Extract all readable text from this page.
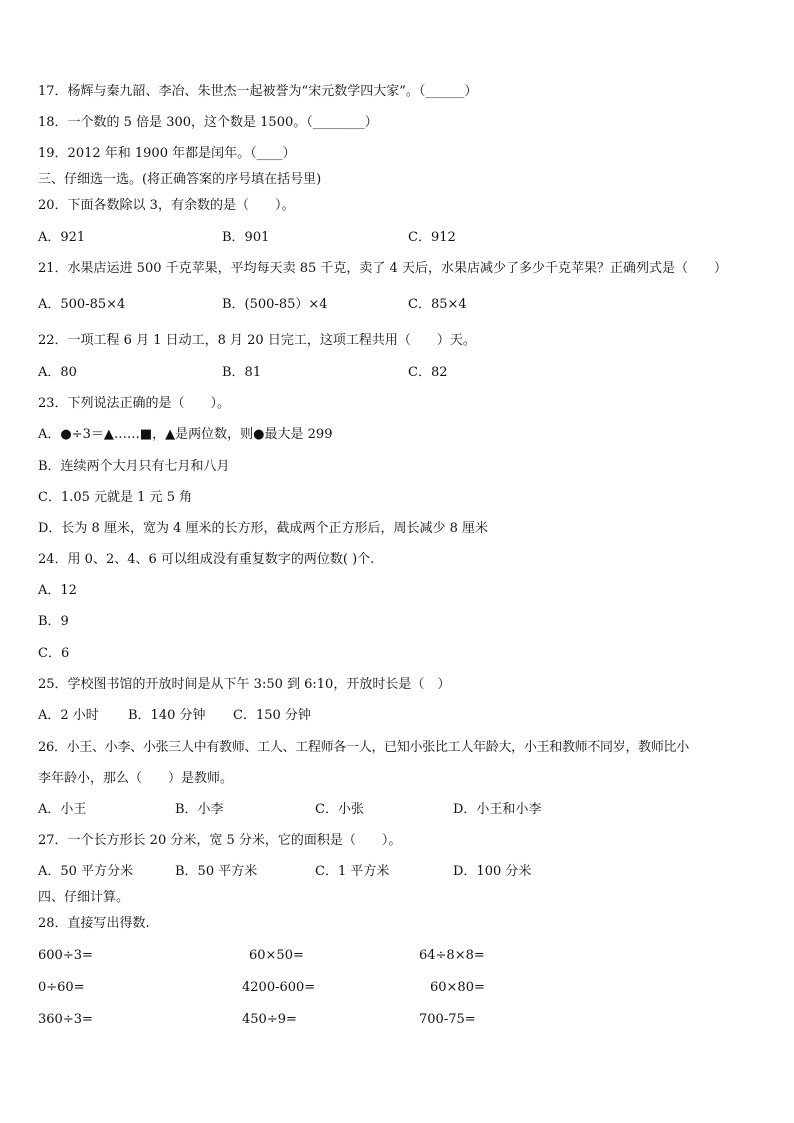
17．杨辉与秦九韶、李冶、朱世杰一起被誉为“宋元数学四大家”。（______）
18．一个数的 5 倍是 300，这个数是 1500。（________）
19．2012 年和 1900 年都是闰年。（____）
三、仔细选一选。(将正确答案的序号填在括号里)
20．下面各数除以 3，有余数的是（　　）。
A．921	B．901	C．912
21．水果店运进 500 千克苹果，平均每天卖 85 千克，卖了 4 天后，水果店减少了多少千克苹果？正确列式是（　　）
A．500-85×4	B．(500-85）×4	C．85×4
22．一项工程 6 月 1 日动工，8 月 20 日完工，这项工程共用（　　）天。
A．80	B．81	C．82
23．下列说法正确的是（　　）。
A．●÷3＝▲……■，▲是两位数，则●最大是 299
B．连续两个大月只有七月和八月
C．1.05 元就是 1 元 5 角
D．长为 8 厘米，宽为 4 厘米的长方形，截成两个正方形后，周长减少 8 厘米
24．用 0、2、4、6 可以组成没有重复数字的两位数( )个.
A．12
B．9
C．6
25．学校图书馆的开放时间是从下午 3:50 到 6:10，开放时长是（　）
A．2 小时 B．140 分钟 C．150 分钟
26．小王、小李、小张三人中有教师、工人、工程师各一人，已知小张比工人年龄大，小王和教师不同岁，教师比小
李年龄小，那么（　　）是教师。
A．小王	B．小李	C．小张	D．小王和小李
27．一个长方形长 20 分米，宽 5 分米，它的面积是（　　）。
A．50 平方分米	B．50 平方米	C．1 平方米	D．100 分米
四、仔细计算。
28．直接写出得数.
600÷3=	60×50=	64÷8×8=
0÷60=	4200-600=	60×80=
360÷3=	450÷9=	700-75=
